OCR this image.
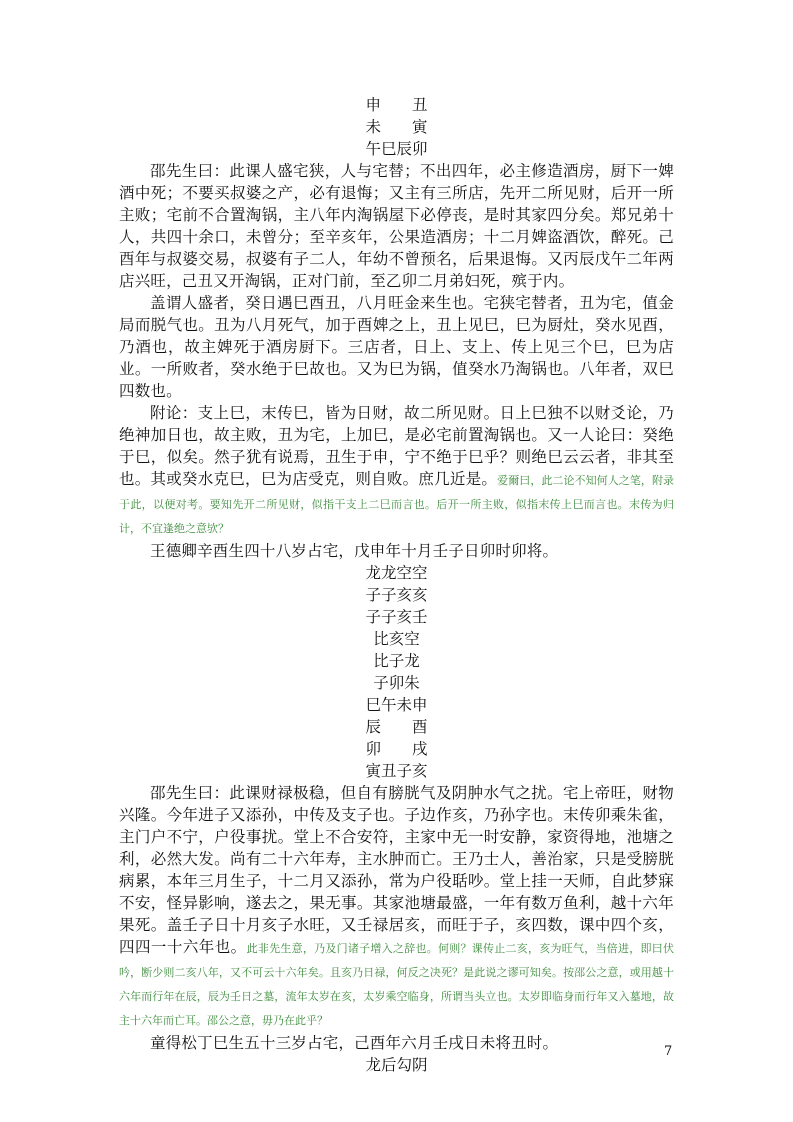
申　　丑
未　　寅
午巳辰卯

邵先生曰：此课人盛宅狭，人与宅替；不出四年，必主修造酒房，厨下一婢酒中死；不要买叔婆之产，必有退悔；又主有三所店，先开二所见财，后开一所主败；宅前不合置淘锅，主八年内淘锅屋下必停丧，是时其家四分矣。郑兄弟十人，共四十余口，未曾分；至辛亥年，公果造酒房；十二月婢盗酒饮，醉死。己酉年与叔婆交易，叔婆有子二人，年幼不曾预名，后果退悔。又丙辰戊午二年两店兴旺，己丑又开淘锅，正对门前，至乙卯二月弟妇死，殡于内。

盖谓人盛者，癸日遇巳酉丑，八月旺金来生也。宅狭宅替者，丑为宅，值金局而脱气也。丑为八月死气，加于酉婢之上，丑上见巳，巳为厨灶，癸水见酉，乃酒也，故主婢死于酒房厨下。三店者，日上、支上、传上见三个巳，巳为店业。一所败者，癸水绝于巳故也。又为巳为锅，值癸水乃淘锅也。八年者，双巳四数也。

附论：支上巳，末传巳，皆为日财，故二所见财。日上巳独不以财爻论，乃绝神加日也，故主败，丑为宅，上加巳，是必宅前置淘锅也。又一人论曰：癸绝于巳，似矣。然子犹有说焉，丑生于申，宁不绝于巳乎？则绝巳云云者，非其至也。其或癸水克巳，巳为店受克，则自败。庶几近是。爱爾曰，此二论不知何人之笔，附录于此，以便对考。要知先开二所见财，似指干支上二巳而言也。后开一所主败，似指末传上巳而言也。末传为归计，不宜逢绝之意欤？

王德卿辛酉生四十八岁占宅，戊申年十月壬子日卯时卯将。

龙龙空空
子子亥亥
子子亥壬
比亥空
比子龙
子卯朱
巳午未申
辰　　酉
卯　　戌
寅丑子亥

邵先生曰：此课财禄极稳，但自有膀胱气及阴肿水气之扰。宅上帝旺，财物兴隆。今年进子又添孙，中传及支子也。子边作亥，乃孙字也。末传卯乘朱雀，主门户不宁，户役事扰。堂上不合安符，主家中无一时安静，家资得地，池塘之利，必然大发。尚有二十六年寿，主水肿而亡。王乃士人，善治家，只是受膀胱病累，本年三月生子，十二月又添孙，常为户役聒吵。堂上挂一天师，自此梦寐不安，怪异影响，遂去之，果无事。其家池塘最盛，一年有数万鱼利，越十六年果死。盖壬子日十月亥子水旺，又壬禄居亥，而旺于子，亥四数，课中四个亥，四四一十六年也。此非先生意，乃及门诸子增入之辞也。何则？课传止二亥，亥为旺气，当倍进，即曰伏吟，断少则二亥八年，又不可云十六年矣。且亥乃日禄，何反之决死？是此说之谬可知矣。按邵公之意，或用越十六年而行年在辰，辰为壬日之墓，流年太岁在亥，太岁乘空临身，所谓当头立也。太岁即临身而行年又入墓地，故主十六年而亡耳。邵公之意，毋乃在此乎？

童得松丁巳生五十三岁占宅，己酉年六月壬戌日未将丑时。

龙后勾阴
7
